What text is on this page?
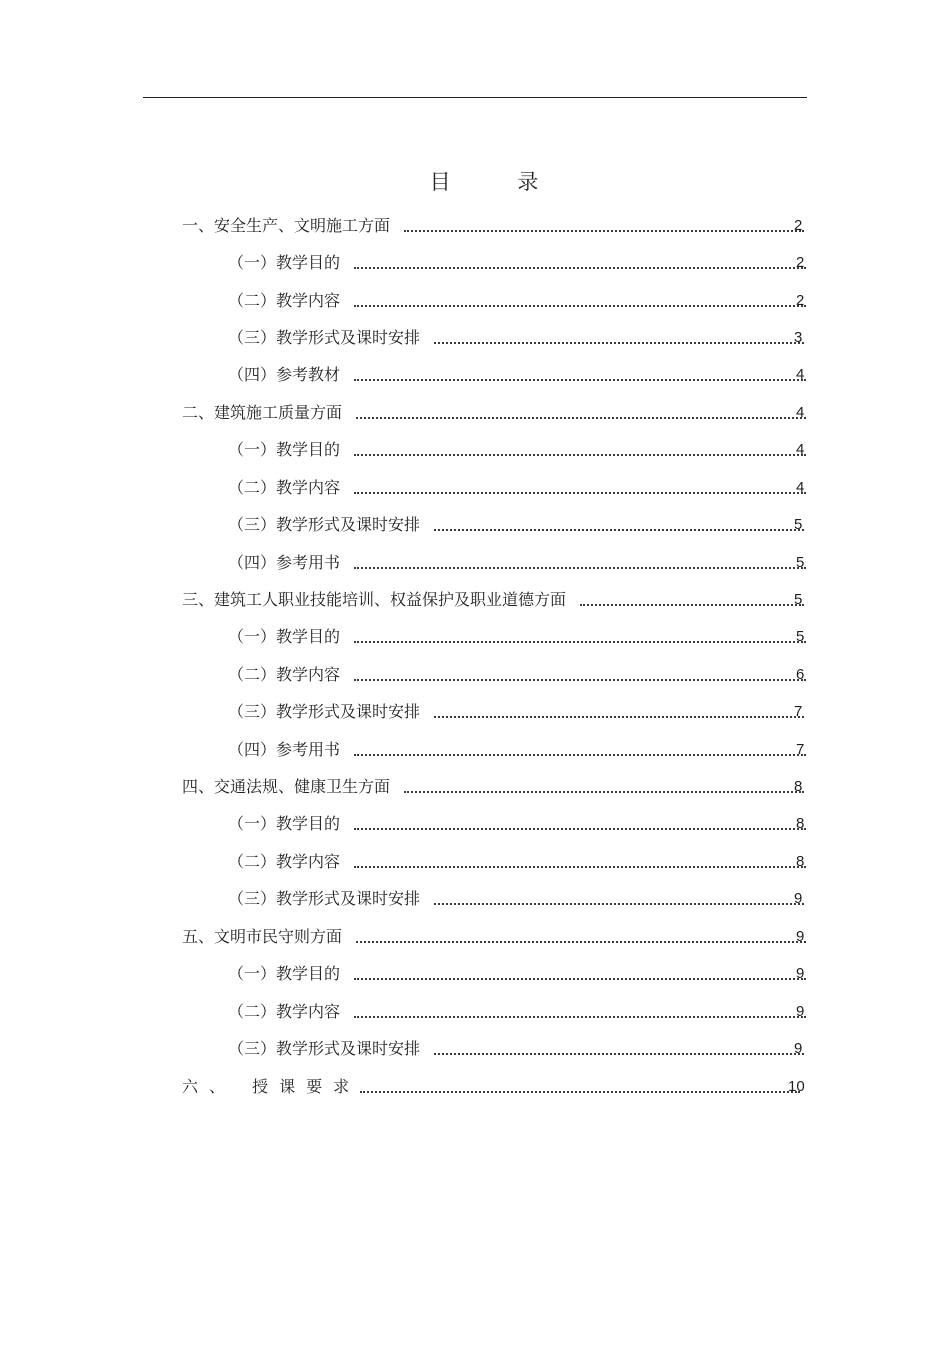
目 录
一、安全生产、文明施工方面	2
（一）教学目的	2
（二）教学内容	2
（三）教学形式及课时安排	3
（四）参考教材	4
二、建筑施工质量方面	4
（一）教学目的	4
（二）教学内容	4
（三）教学形式及课时安排	5
（四）参考用书	5
三、建筑工人职业技能培训、权益保护及职业道德方面	5
（一）教学目的	5
（二）教学内容	6
（三）教学形式及课时安排	7
（四）参考用书	7
四、交通法规、健康卫生方面	8
（一）教学目的	8
（二）教学内容	8
（三）教学形式及课时安排	9
五、文明市民守则方面	9
（一）教学目的	9
（二）教学内容	9
（三）教学形式及课时安排	9
六、 授课要求	10
